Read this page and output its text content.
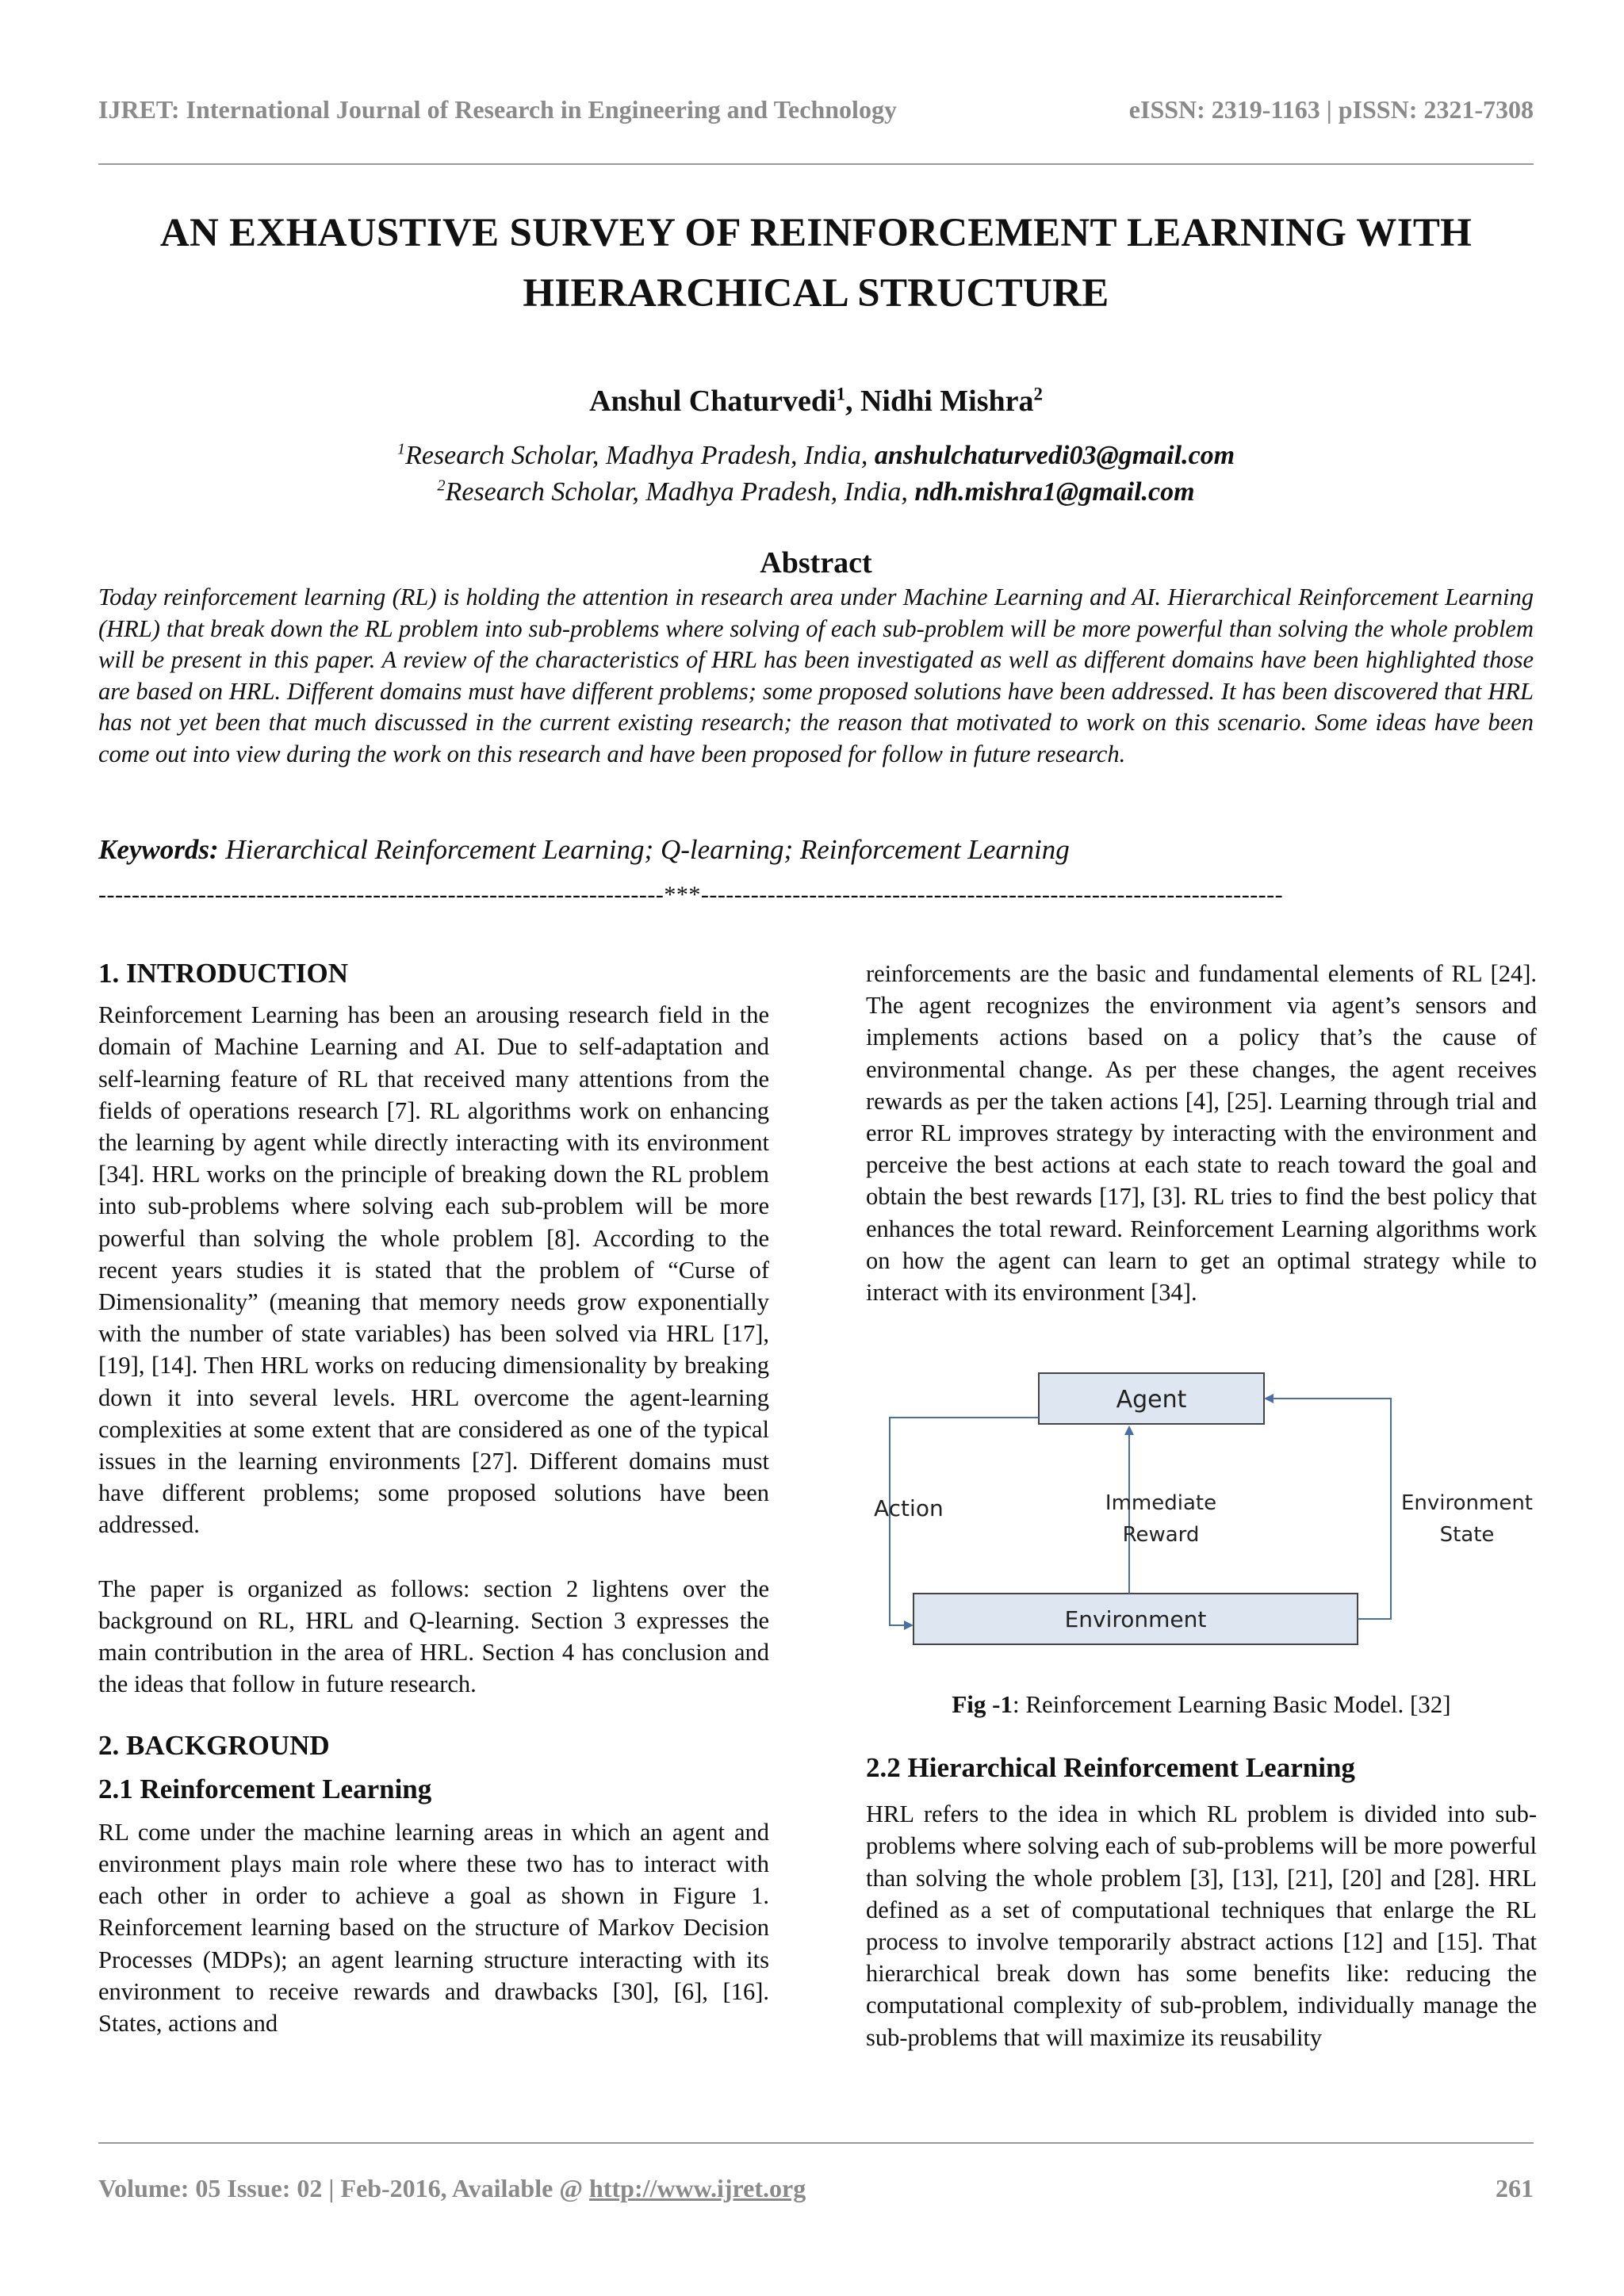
IJRET: International Journal of Research in Engineering and Technology	eISSN: 2319-1163 | pISSN: 2321-7308
AN EXHAUSTIVE SURVEY OF REINFORCEMENT LEARNING WITH
HIERARCHICAL STRUCTURE
Anshul Chaturvedi$^1$, Nidhi Mishra$^2$
$^1$Research Scholar, Madhya Pradesh, India, anshulchaturvedi03@gmail.com
$^2$Research Scholar, Madhya Pradesh, India, ndh.mishra1@gmail.com
Abstract
Today reinforcement learning (RL) is holding the attention in research area under Machine Learning and AI. Hierarchical Reinforcement Learning (HRL) that break down the RL problem into sub-problems where solving of each sub-problem will be more powerful than solving the whole problem will be present in this paper. A review of the characteristics of HRL has been investigated as well as different domains have been highlighted those are based on HRL. Different domains must have different problems; some proposed solutions have been addressed. It has been discovered that HRL has not yet been that much discussed in the current existing research; the reason that motivated to work on this scenario. Some ideas have been come out into view during the work on this research and have been proposed for follow in future research.
Keywords: Hierarchical Reinforcement Learning; Q-learning; Reinforcement Learning
--------------------------------------------------------------------***----------------------------------------------------------------------
1. INTRODUCTION

Reinforcement Learning has been an arousing research field in the domain of Machine Learning and AI. Due to self-adaptation and self-learning feature of RL that received many attentions from the fields of operations research [7]. RL algorithms work on enhancing the learning by agent while directly interacting with its environment [34]. HRL works on the principle of breaking down the RL problem into sub-problems where solving each sub-problem will be more powerful than solving the whole problem [8]. According to the recent years studies it is stated that the problem of “Curse of Dimensionality” (meaning that memory needs grow exponentially with the number of state variables) has been solved via HRL [17], [19], [14]. Then HRL works on reducing dimensionality by breaking down it into several levels. HRL overcome the agent-learning complexities at some extent that are considered as one of the typical issues in the learning environments [27]. Different domains must have different problems; some proposed solutions have been addressed.

The paper is organized as follows: section 2 lightens over the background on RL, HRL and Q-learning. Section 3 expresses the main contribution in the area of HRL. Section 4 has conclusion and the ideas that follow in future research.

2. BACKGROUND
2.1 Reinforcement Learning

RL come under the machine learning areas in which an agent and environment plays main role where these two has to interact with each other in order to achieve a goal as shown in Figure 1. Reinforcement learning based on the structure of Markov Decision Processes (MDPs); an agent learning structure interacting with its environment to receive rewards and drawbacks [30], [6], [16]. States, actions and

reinforcements are the basic and fundamental elements of RL [24]. The agent recognizes the environment via agent’s sensors and implements actions based on a policy that’s the cause of environmental change. As per these changes, the agent receives rewards as per the taken actions [4], [25]. Learning through trial and error RL improves strategy by interacting with the environment and perceive the best actions at each state to reach toward the goal and obtain the best rewards [17], [3]. RL tries to find the best policy that enhances the total reward. Reinforcement Learning algorithms work on how the agent can learn to get an optimal strategy while to interact with its environment [34].

Agent
Environment
Action	Immediate
Reward
Environment
State
Fig -1: Reinforcement Learning Basic Model. [32]
2.2 Hierarchical Reinforcement Learning

HRL refers to the idea in which RL problem is divided into sub-problems where solving each of sub-problems will be more powerful than solving the whole problem [3], [13], [21], [20] and [28]. HRL defined as a set of computational techniques that enlarge the RL process to involve temporarily abstract actions [12] and [15]. That hierarchical break down has some benefits like: reducing the computational complexity of sub-problem, individually manage the sub-problems that will maximize its reusability

Volume: 05 Issue: 02 | Feb-2016, Available @ http://www.ijret.org	261
